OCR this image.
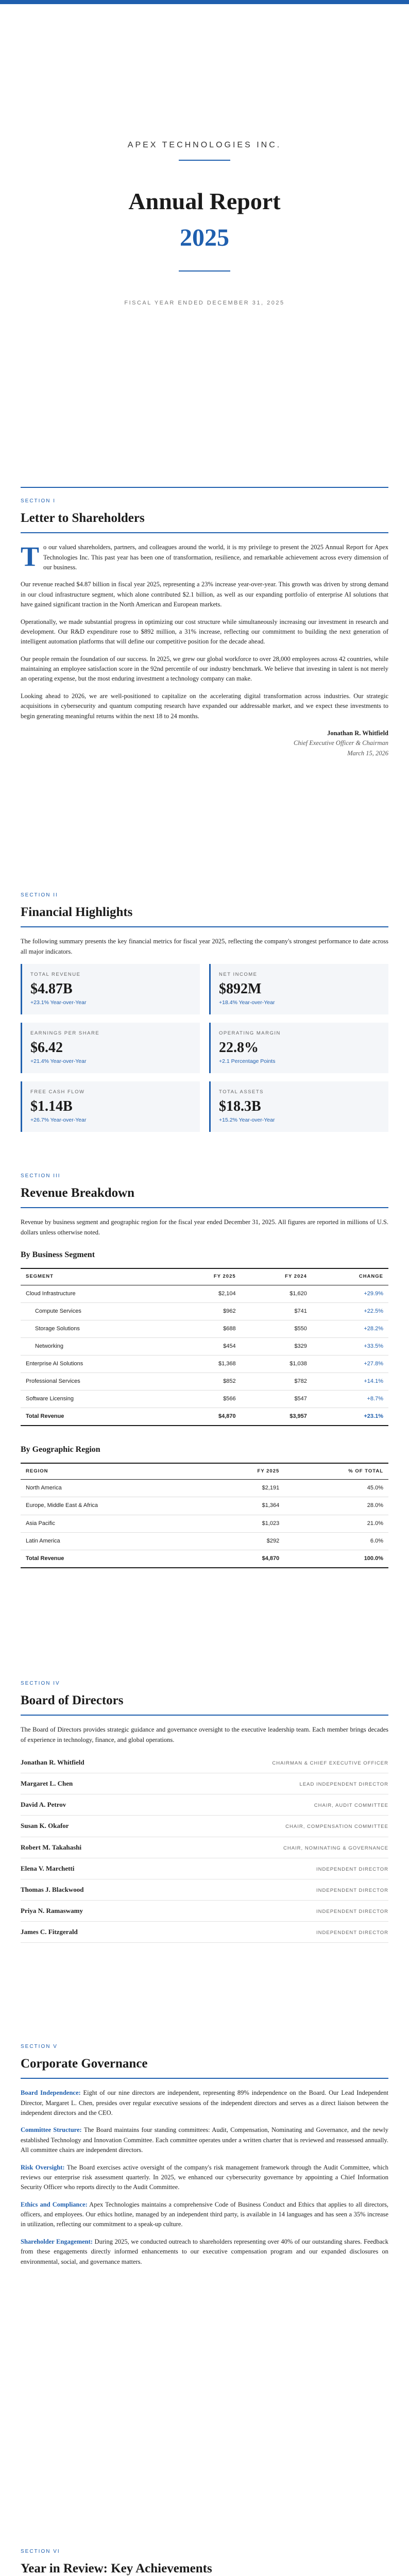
APEX TECHNOLOGIES INC.
Annual Report
2025
FISCAL YEAR ENDED DECEMBER 31, 2025
SECTION I
Letter to Shareholders

To our valued shareholders, partners, and colleagues around the world, it is my privilege to present the 2025 Annual Report for Apex Technologies Inc. This past year has been one of transformation, resilience, and remarkable achievement across every dimension of our business.

Our revenue reached $4.87 billion in fiscal year 2025, representing a 23% increase year-over-year. This growth was driven by strong demand in our cloud infrastructure segment, which alone contributed $2.1 billion, as well as our expanding portfolio of enterprise AI solutions that have gained significant traction in the North American and European markets.

Operationally, we made substantial progress in optimizing our cost structure while simultaneously increasing our investment in research and development. Our R&D expenditure rose to $892 million, a 31% increase, reflecting our commitment to building the next generation of intelligent automation platforms that will define our competitive position for the decade ahead.

Our people remain the foundation of our success. In 2025, we grew our global workforce to over 28,000 employees across 42 countries, while maintaining an employee satisfaction score in the 92nd percentile of our industry benchmark. We believe that investing in talent is not merely an operating expense, but the most enduring investment a technology company can make.

Looking ahead to 2026, we are well-positioned to capitalize on the accelerating digital transformation across industries. Our strategic acquisitions in cybersecurity and quantum computing research have expanded our addressable market, and we expect these investments to begin generating meaningful returns within the next 18 to 24 months.

Jonathan R. Whitfield
Chief Executive Officer & Chairman
March 15, 2026
SECTION II
Financial Highlights

The following summary presents the key financial metrics for fiscal year 2025, reflecting the company's strongest performance to date across all major indicators.

TOTAL REVENUE
$4.87B
+23.1% Year-over-Year
NET INCOME
$892M
+18.4% Year-over-Year
EARNINGS PER SHARE
$6.42
+21.4% Year-over-Year
OPERATING MARGIN
22.8%
+2.1 Percentage Points
FREE CASH FLOW
$1.14B
+26.7% Year-over-Year
TOTAL ASSETS
$18.3B
+15.2% Year-over-Year
SECTION III
Revenue Breakdown

Revenue by business segment and geographic region for the fiscal year ended December 31, 2025. All figures are reported in millions of U.S. dollars unless otherwise noted.

By Business Segment
SEGMENT	FY 2025	FY 2024	CHANGE
Cloud Infrastructure	$2,104	$1,620	+29.9%
Compute Services	$962	$741	+22.5%
Storage Solutions	$688	$550	+28.2%
Networking	$454	$329	+33.5%
Enterprise AI Solutions	$1,368	$1,038	+27.8%
Professional Services	$852	$782	+14.1%
Software Licensing	$566	$547	+8.7%
Total Revenue	$4,870	$3,957	+23.1%
By Geographic Region
REGION	FY 2025	% OF TOTAL
North America	$2,191	45.0%
Europe, Middle East & Africa	$1,364	28.0%
Asia Pacific	$1,023	21.0%
Latin America	$292	6.0%
Total Revenue	$4,870	100.0%
SECTION IV
Board of Directors

The Board of Directors provides strategic guidance and governance oversight to the executive leadership team. Each member brings decades of experience in technology, finance, and global operations.

Jonathan R. Whitfield	CHAIRMAN & CHIEF EXECUTIVE OFFICER
Margaret L. Chen	LEAD INDEPENDENT DIRECTOR
David A. Petrov	CHAIR, AUDIT COMMITTEE
Susan K. Okafor	CHAIR, COMPENSATION COMMITTEE
Robert M. Takahashi	CHAIR, NOMINATING & GOVERNANCE
Elena V. Marchetti	INDEPENDENT DIRECTOR
Thomas J. Blackwood	INDEPENDENT DIRECTOR
Priya N. Ramaswamy	INDEPENDENT DIRECTOR
James C. Fitzgerald	INDEPENDENT DIRECTOR
SECTION V
Corporate Governance

Board Independence: Eight of our nine directors are independent, representing 89% independence on the Board. Our Lead Independent Director, Margaret L. Chen, presides over regular executive sessions of the independent directors and serves as a direct liaison between the independent directors and the CEO.

Committee Structure: The Board maintains four standing committees: Audit, Compensation, Nominating and Governance, and the newly established Technology and Innovation Committee. Each committee operates under a written charter that is reviewed and reassessed annually. All committee chairs are independent directors.

Risk Oversight: The Board exercises active oversight of the company's risk management framework through the Audit Committee, which reviews our enterprise risk assessment quarterly. In 2025, we enhanced our cybersecurity governance by appointing a Chief Information Security Officer who reports directly to the Audit Committee.

Ethics and Compliance: Apex Technologies maintains a comprehensive Code of Business Conduct and Ethics that applies to all directors, officers, and employees. Our ethics hotline, managed by an independent third party, is available in 14 languages and has seen a 35% increase in utilization, reflecting our commitment to a speak-up culture.

Shareholder Engagement: During 2025, we conducted outreach to shareholders representing over 40% of our outstanding shares. Feedback from these engagements directly informed enhancements to our executive compensation program and our expanded disclosures on environmental, social, and governance matters.

SECTION VI
Year in Review: Key Achievements
